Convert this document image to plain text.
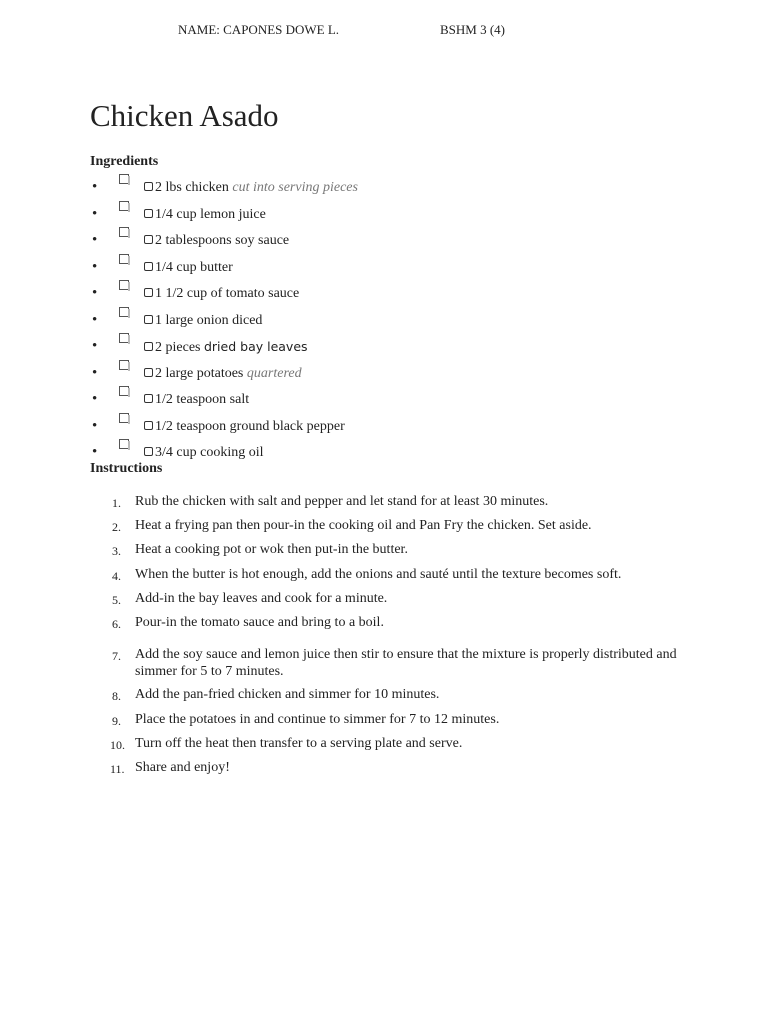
NAME: CAPONES DOWE L.	BSHM 3 (4)
Chicken Asado
Ingredients
•	2 lbs chicken cut into serving pieces
•	1/4 cup lemon juice
•	2 tablespoons soy sauce
•	1/4 cup butter
•	1 1/2 cup of tomato sauce
•	1 large onion diced
•	2 pieces dried bay leaves
•	2 large potatoes quartered
•	1/2 teaspoon salt
•	1/2 teaspoon ground black pepper
•	3/4 cup cooking oil
Instructions
1. Rub the chicken with salt and pepper and let stand for at least 30 minutes.
2. Heat a frying pan then pour-in the cooking oil and Pan Fry the chicken. Set aside.
3. Heat a cooking pot or wok then put-in the butter.
4. When the butter is hot enough, add the onions and sauté until the texture becomes soft.
5. Add-in the bay leaves and cook for a minute.
6. Pour-in the tomato sauce and bring to a boil.
7. Add the soy sauce and lemon juice then stir to ensure that the mixture is properly distributed and simmer for 5 to 7 minutes.
8. Add the pan-fried chicken and simmer for 10 minutes.
9. Place the potatoes in and continue to simmer for 7 to 12 minutes.
10. Turn off the heat then transfer to a serving plate and serve.
11. Share and enjoy!
